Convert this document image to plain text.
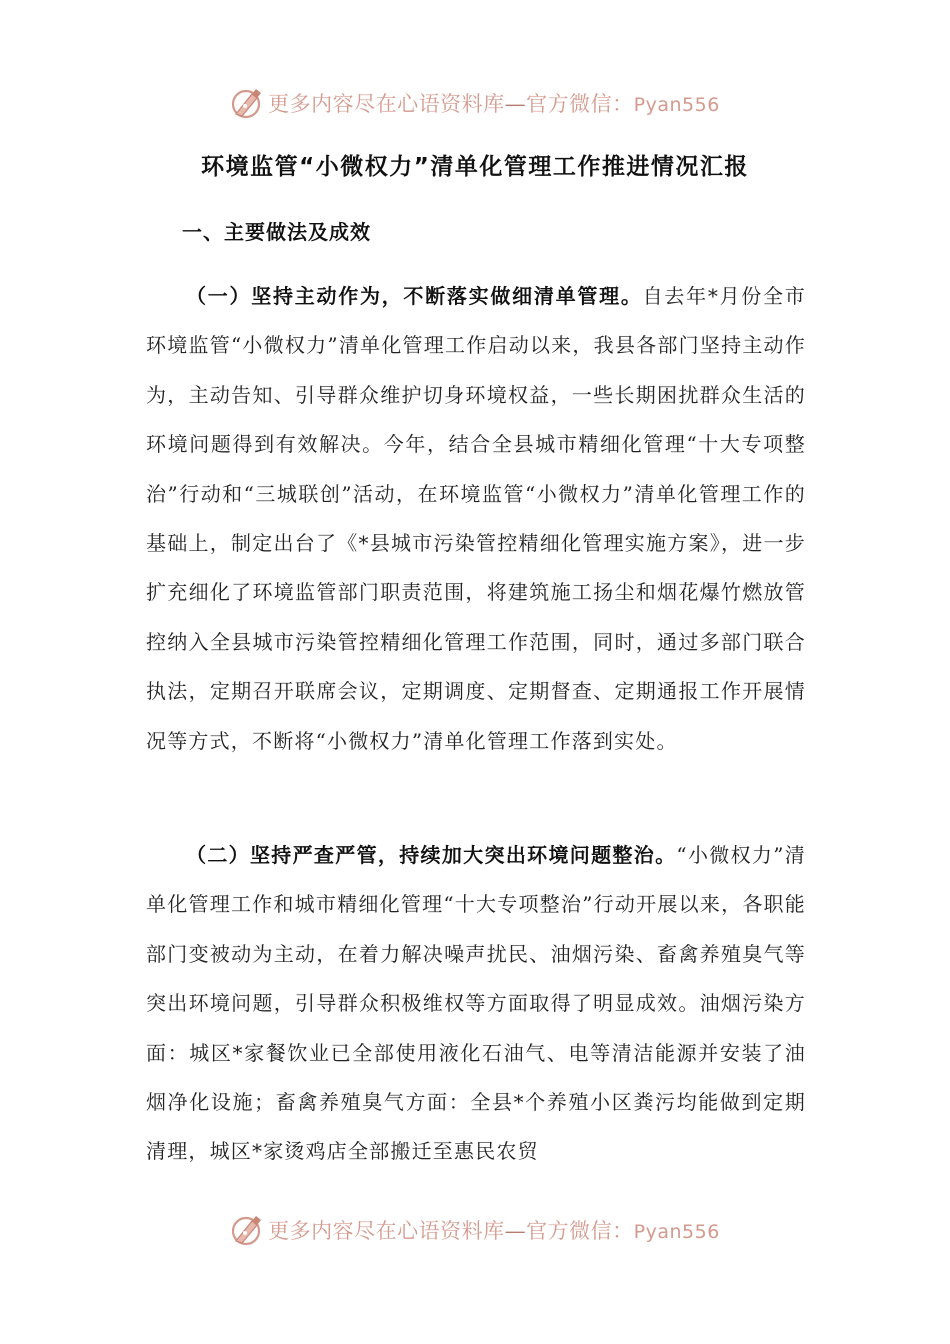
更多内容尽在心语资料库—官方微信：Pyan556
环境监管“小微权力”清单化管理工作推进情况汇报
一、主要做法及成效

（一）坚持主动作为，不断落实做细清单管理。自去年*月份全市环境监管“小微权力”清单化管理工作启动以来，我县各部门坚持主动作为，主动告知、引导群众维护切身环境权益，一些长期困扰群众生活的环境问题得到有效解决。今年，结合全县城市精细化管理“十大专项整治”行动和“三城联创”活动，在环境监管“小微权力”清单化管理工作的基础上，制定出台了《*县城市污染管控精细化管理实施方案》，进一步扩充细化了环境监管部门职责范围，将建筑施工扬尘和烟花爆竹燃放管控纳入全县城市污染管控精细化管理工作范围，同时，通过多部门联合执法，定期召开联席会议，定期调度、定期督查、定期通报工作开展情况等方式，不断将“小微权力”清单化管理工作落到实处。

（二）坚持严查严管，持续加大突出环境问题整治。“小微权力”清单化管理工作和城市精细化管理“十大专项整治”行动开展以来，各职能部门变被动为主动，在着力解决噪声扰民、油烟污染、畜禽养殖臭气等突出环境问题，引导群众积极维权等方面取得了明显成效。油烟污染方面：城区*家餐饮业已全部使用液化石油气、电等清洁能源并安装了油烟净化设施；畜禽养殖臭气方面：全县*个养殖小区粪污均能做到定期清理，城区*家烫鸡店全部搬迁至惠民农贸

更多内容尽在心语资料库—官方微信：Pyan556
